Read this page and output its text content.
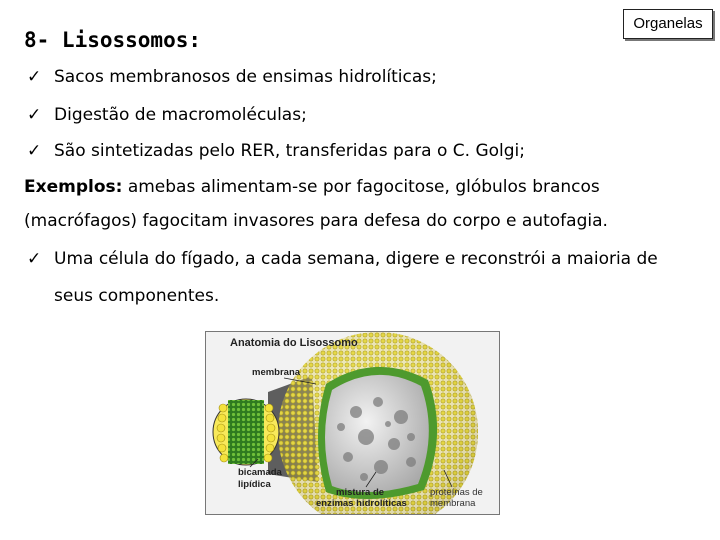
8- Lisossomos:
Organelas
✓ Sacos membranosos de ensimas hidrolíticas;
✓ Digestão de macromoléculas;
✓ São sintetizadas pelo RER, transferidas para o C. Golgi;
Exemplos: amebas alimentam-se por fagocitose, glóbulos brancos
(macrófagos) fagocitam invasores para defesa do corpo e autofagia.
✓ Uma célula do fígado, a cada semana, digere e reconstrói a maioria de
seus componentes.
Anatomia do Lisossomo
membrana
bicamada
lipídica
mistura de
enzimas hidrolíticas
proteínas de
membrana
